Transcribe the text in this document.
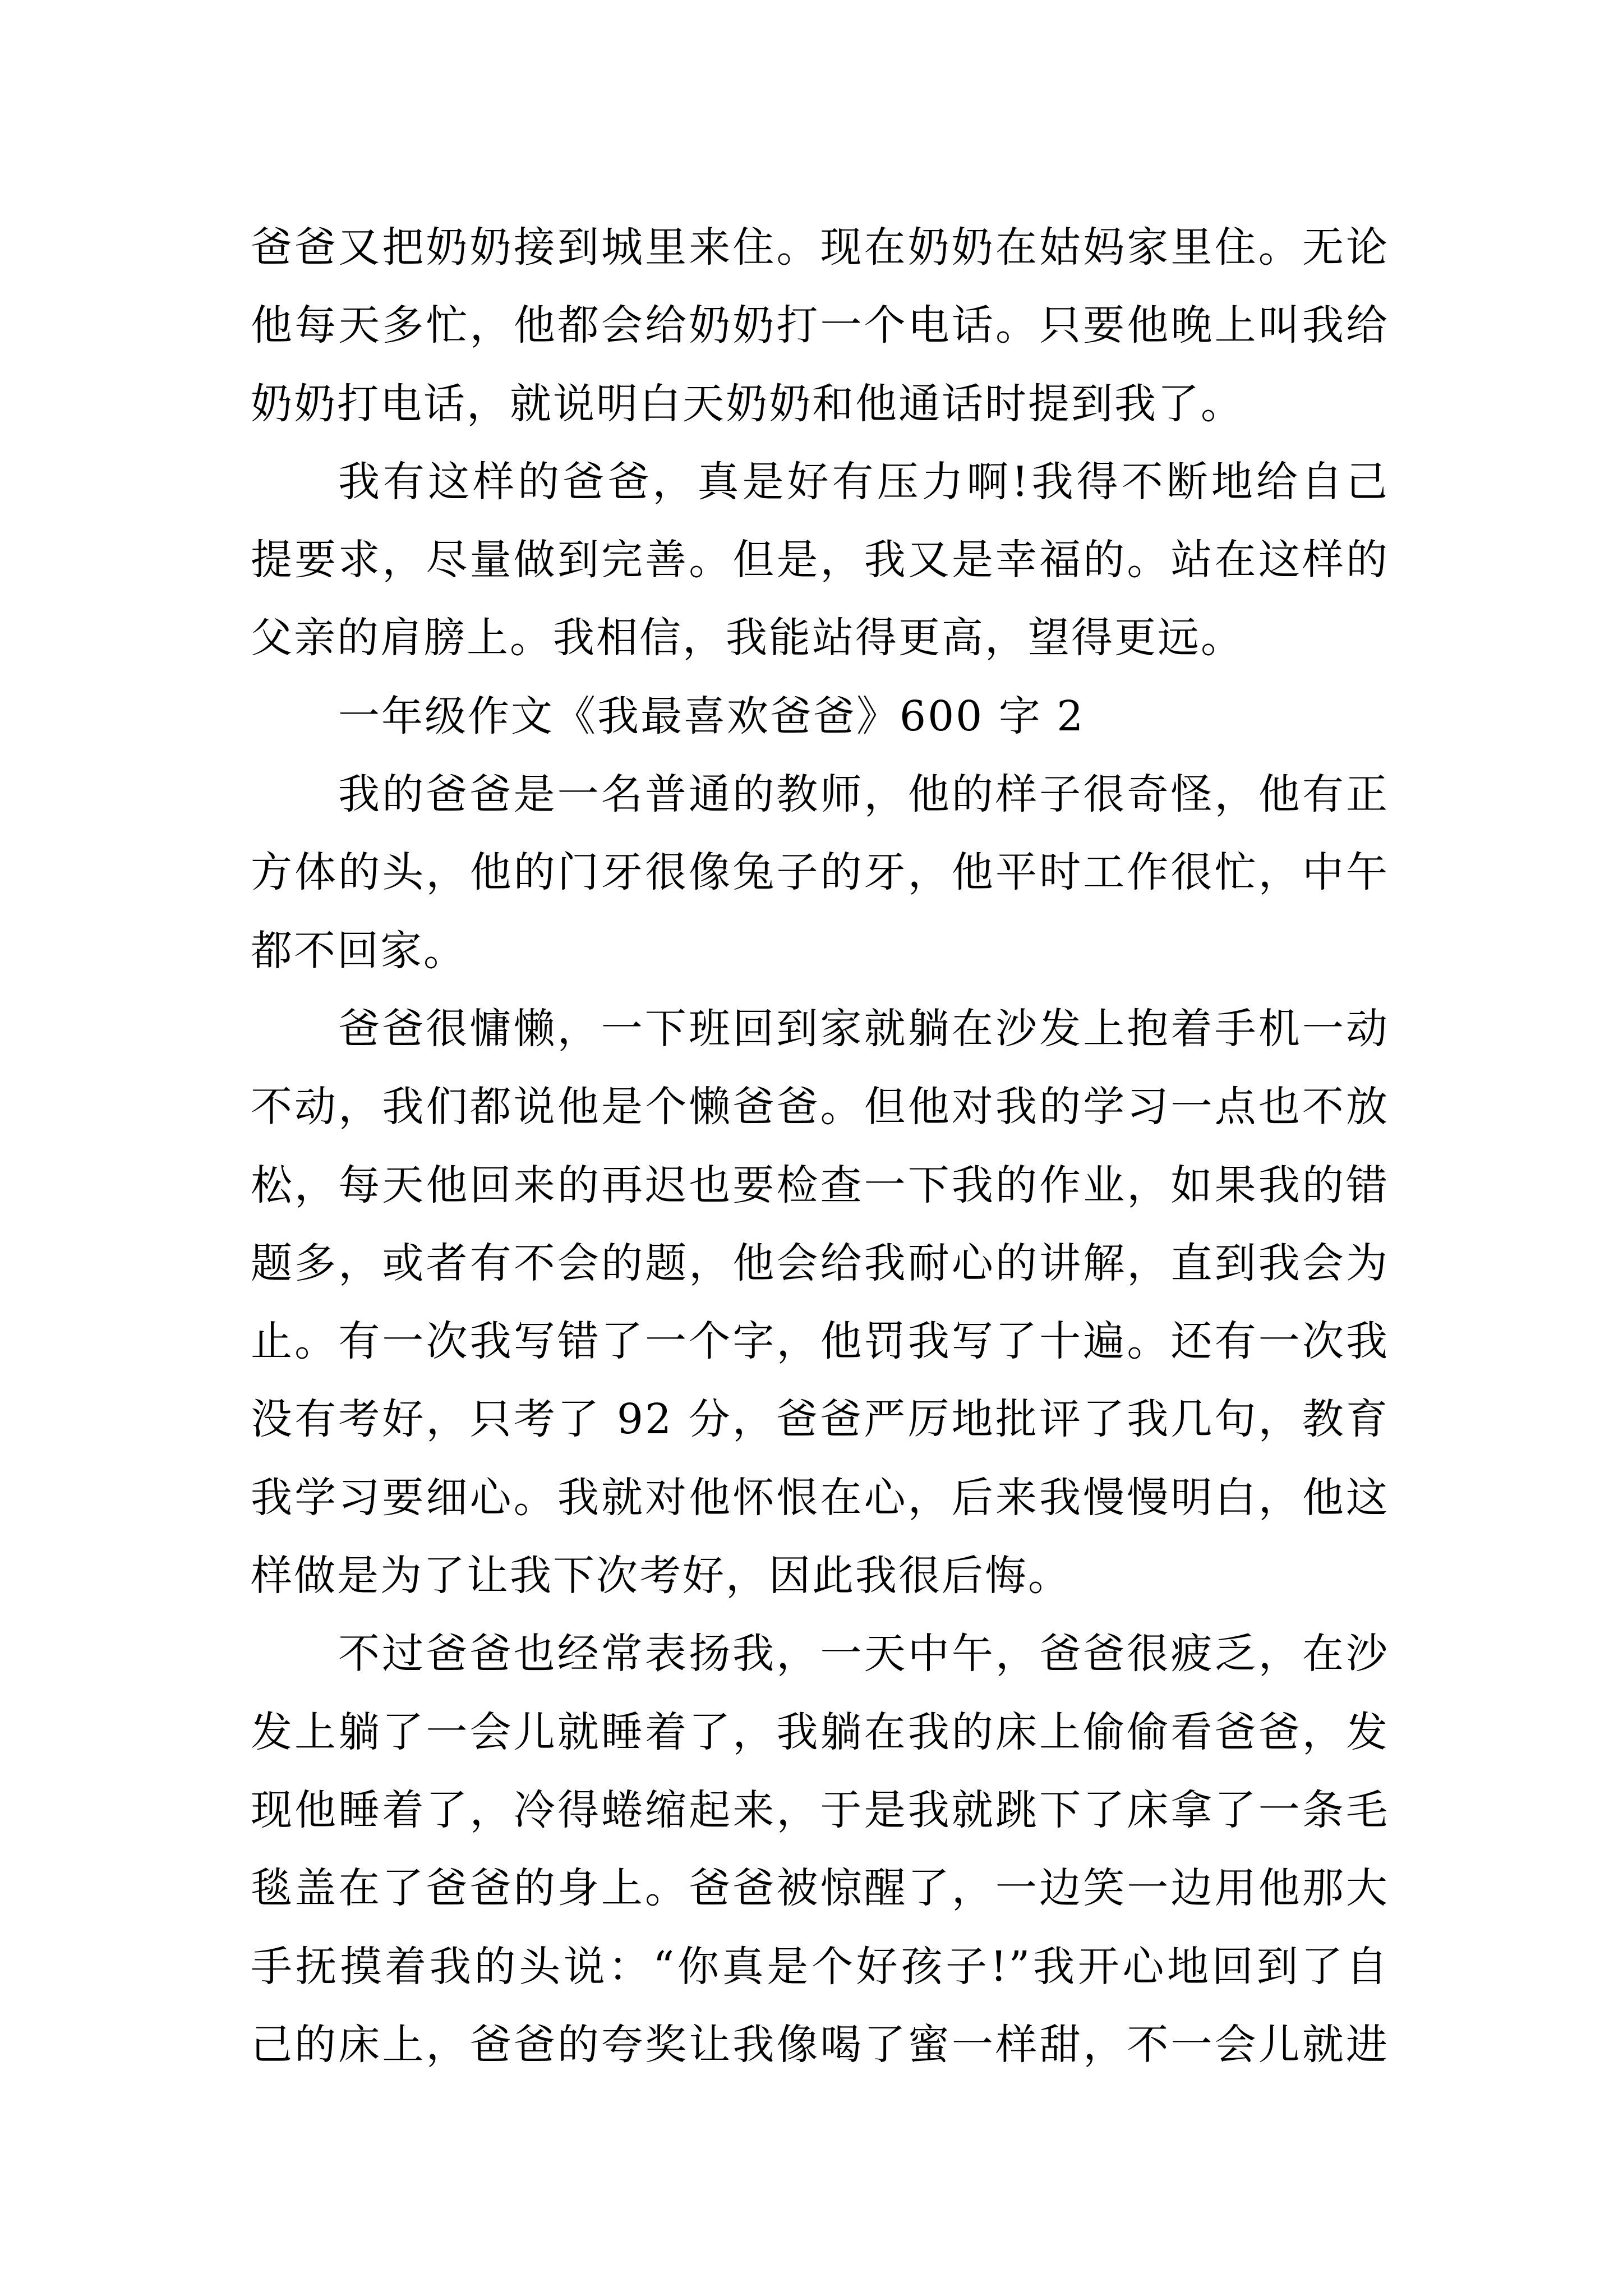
爸爸又把奶奶接到城里来住。现在奶奶在姑妈家里住。无论
他每天多忙，他都会给奶奶打一个电话。只要他晚上叫我给
奶奶打电话，就说明白天奶奶和他通话时提到我了。
我有这样的爸爸，真是好有压力啊!我得不断地给自己
提要求，尽量做到完善。但是，我又是幸福的。站在这样的
父亲的肩膀上。我相信，我能站得更高，望得更远。
一年级作文《我最喜欢爸爸》600 字 2
我的爸爸是一名普通的教师，他的样子很奇怪，他有正
方体的头，他的门牙很像兔子的牙，他平时工作很忙，中午
都不回家。
爸爸很慵懒，一下班回到家就躺在沙发上抱着手机一动
不动，我们都说他是个懒爸爸。但他对我的学习一点也不放
松，每天他回来的再迟也要检查一下我的作业，如果我的错
题多，或者有不会的题，他会给我耐心的讲解，直到我会为
止。有一次我写错了一个字，他罚我写了十遍。还有一次我
没有考好，只考了 92 分，爸爸严厉地批评了我几句，教育
我学习要细心。我就对他怀恨在心，后来我慢慢明白，他这
样做是为了让我下次考好，因此我很后悔。
不过爸爸也经常表扬我，一天中午，爸爸很疲乏，在沙
发上躺了一会儿就睡着了，我躺在我的床上偷偷看爸爸，发
现他睡着了，冷得蜷缩起来，于是我就跳下了床拿了一条毛
毯盖在了爸爸的身上。爸爸被惊醒了，一边笑一边用他那大
手抚摸着我的头说：“你真是个好孩子!”我开心地回到了自
己的床上，爸爸的夸奖让我像喝了蜜一样甜，不一会儿就进
